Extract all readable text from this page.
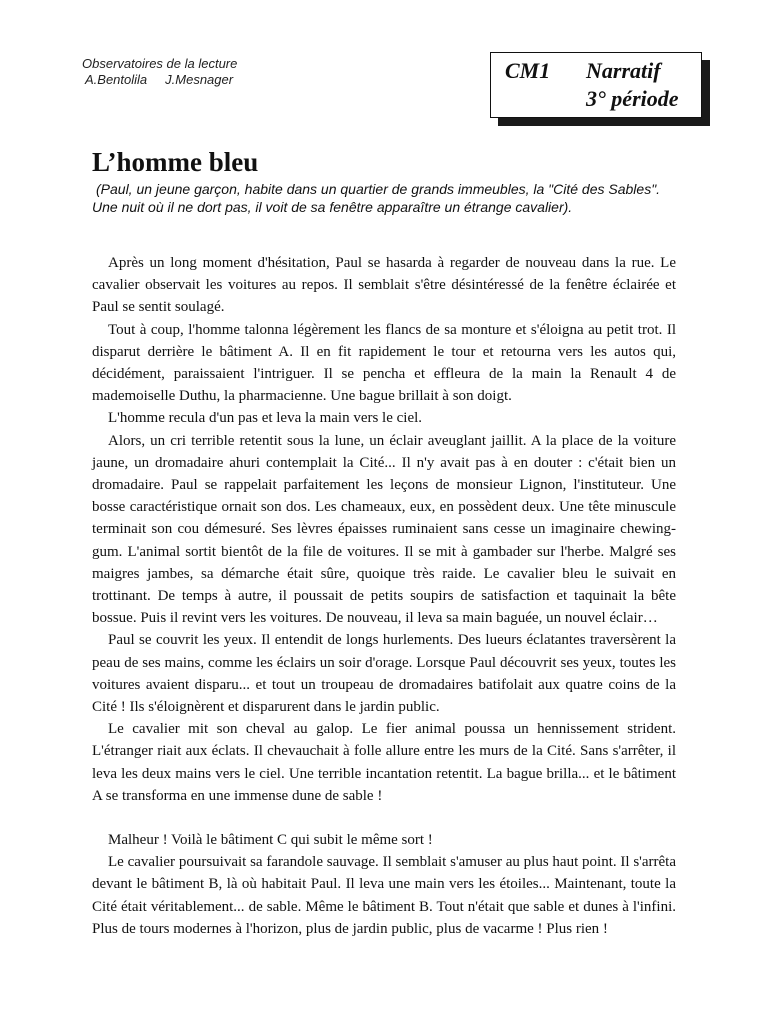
Observatoires de la lecture
A.Bentolila J.Mesnager	CM1 Narratif
3° période
L’homme bleu

(Paul, un jeune garçon, habite dans un quartier de grands immeubles, la "Cité des Sables". Une nuit où il ne dort pas, il voit de sa fenêtre apparaître un étrange cavalier).

Après un long moment d'hésitation, Paul se hasarda à regarder de nouveau dans la rue. Le cavalier observait les voitures au repos. Il semblait s'être désintéressé de la fenêtre éclairée et Paul se sentit soulagé.

Tout à coup, l'homme talonna légèrement les flancs de sa monture et s'éloigna au petit trot. Il disparut derrière le bâtiment A. Il en fit rapidement le tour et retourna vers les autos qui, décidément, paraissaient l'intriguer. Il se pencha et effleura de la main la Renault 4 de mademoiselle Duthu, la pharmacienne. Une bague brillait à son doigt.

L'homme recula d'un pas et leva la main vers le ciel.

Alors, un cri terrible retentit sous la lune, un éclair aveuglant jaillit. A la place de la voiture jaune, un dromadaire ahuri contemplait la Cité... Il n'y avait pas à en douter : c'était bien un dromadaire. Paul se rappelait parfaitement les leçons de monsieur Lignon, l'instituteur. Une bosse caractéristique ornait son dos. Les chameaux, eux, en possèdent deux. Une tête minuscule terminait son cou démesuré. Ses lèvres épaisses ruminaient sans cesse un imaginaire chewing-gum. L'animal sortit bientôt de la file de voitures. Il se mit à gambader sur l'herbe. Malgré ses maigres jambes, sa démarche était sûre, quoique très raide. Le cavalier bleu le suivait en trottinant. De temps à autre, il poussait de petits soupirs de satisfaction et taquinait la bête bossue. Puis il revint vers les voitures. De nouveau, il leva sa main baguée, un nouvel éclair…

Paul se couvrit les yeux. Il entendit de longs hurlements. Des lueurs éclatantes traversèrent la peau de ses mains, comme les éclairs un soir d'orage. Lorsque Paul découvrit ses yeux, toutes les voitures avaient disparu... et tout un troupeau de dromadaires batifolait aux quatre coins de la Cité ! Ils s'éloignèrent et disparurent dans le jardin public.

Le cavalier mit son cheval au galop. Le fier animal poussa un hennissement strident. L'étranger riait aux éclats. Il chevauchait à folle allure entre les murs de la Cité. Sans s'arrêter, il leva les deux mains vers le ciel. Une terrible incantation retentit. La bague brilla... et le bâtiment A se transforma en une immense dune de sable !

Malheur ! Voilà le bâtiment C qui subit le même sort !

Le cavalier poursuivait sa farandole sauvage. Il semblait s'amuser au plus haut point. Il s'arrêta devant le bâtiment B, là où habitait Paul. Il leva une main vers les étoiles... Maintenant, toute la Cité était véritablement... de sable. Même le bâtiment B. Tout n'était que sable et dunes à l'infini. Plus de tours modernes à l'horizon, plus de jardin public, plus de vacarme ! Plus rien !
